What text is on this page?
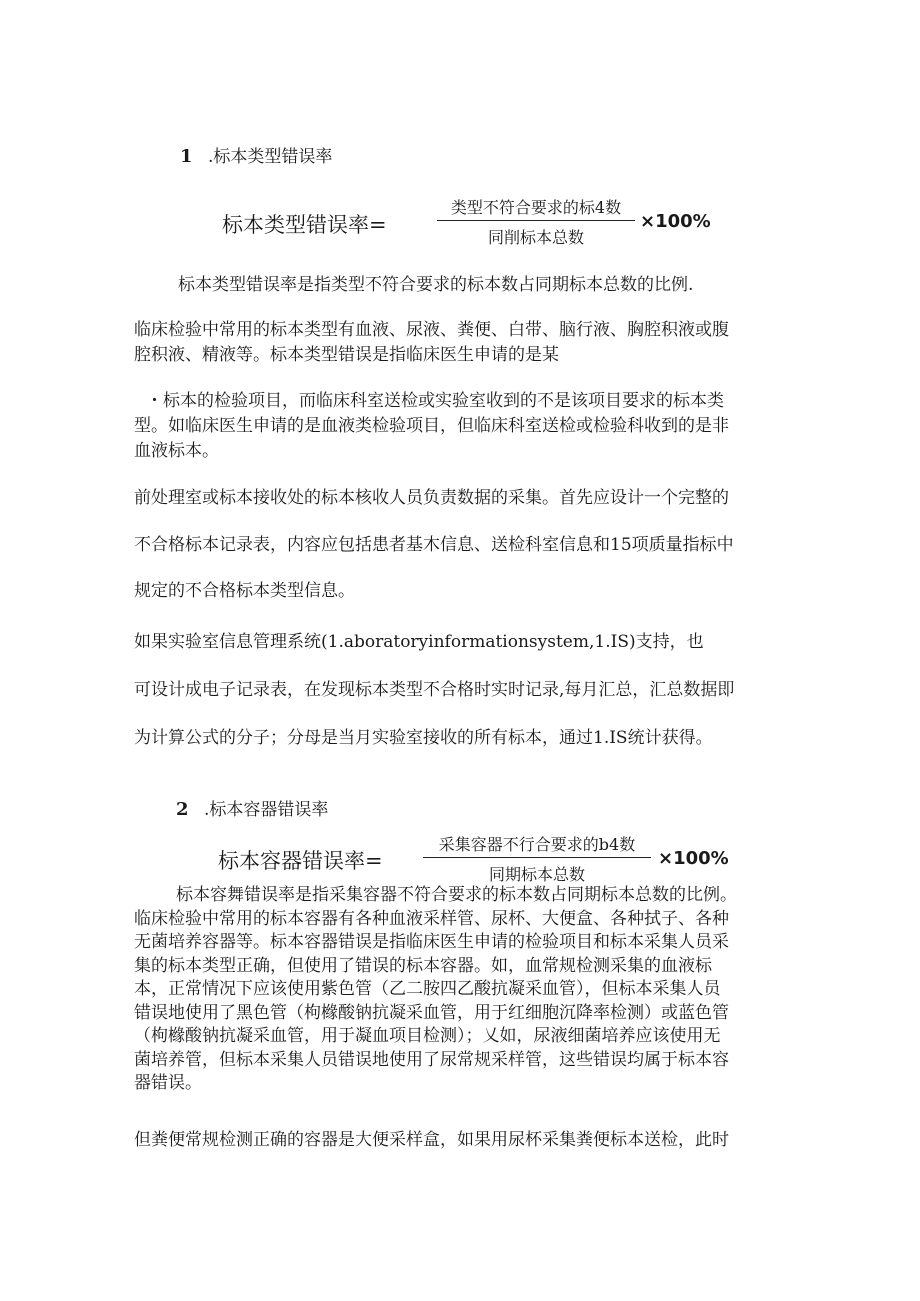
1 .标本类型错误率
标本类型错误率=
类型不符合要求的标4数
同削标本总数
×100%
标本类型错误率是指类型不符合要求的标本数占同期标本总数的比例.
临床检验中常用的标本类型有血液、尿液、粪便、白带、脑行液、胸腔积液或腹
腔积液、精液等。标本类型错误是指临床医生申请的是某
・标本的检验项目，而临床科室送检或实验室收到的不是该项目要求的标本类
型。如临床医生申请的是血液类检验项目，但临床科室送检或检验科收到的是非
血液标本。
前处理室或标本接收处的标本核收人员负责数据的采集。首先应设计一个完整的
不合格标本记录表，内容应包括患者基木信息、送检科室信息和15项质量指标中
规定的不合格标本类型信息。
如果实验室信息管理系统(1.aboratoryinformationsystem,1.IS)支持，也
可设计成电子记录表，在发现标本类型不合格时实时记录,每月汇总，汇总数据即
为计算公式的分子；分母是当月实验室接收的所有标本，通过1.IS统计获得。
2 .标本容器错误率
标本容器错误率=
采集容器不行合要求的b4数
同期标本总数
×100%
标本容舞错误率是指采集容器不符合要求的标本数占同期标本总数的比例。
临床检验中常用的标本容器有各种血液采样管、尿杯、大便盒、各种拭子、各种
无菌培养容器等。标本容器错误是指临床医生申请的检验项目和标本采集人员采
集的标本类型正确，但使用了错误的标本容器。如，血常规检测采集的血液标
本，正常情况下应该使用紫色管（乙二胺四乙酸抗凝采血管），但标本采集人员
错误地使用了黑色管（枸橼酸钠抗凝采血管，用于红细胞沉降率检测）或蓝色管
（枸橼酸钠抗凝采血管，用于凝血项目检测）；乂如，尿液细菌培养应该使用无
菌培养管，但标本采集人员错误地使用了尿常规采样管，这些错误均属于标本容
器错误。
但粪便常规检测正确的容器是大便采样盒，如果用尿杯采集粪便标本送检，此时
